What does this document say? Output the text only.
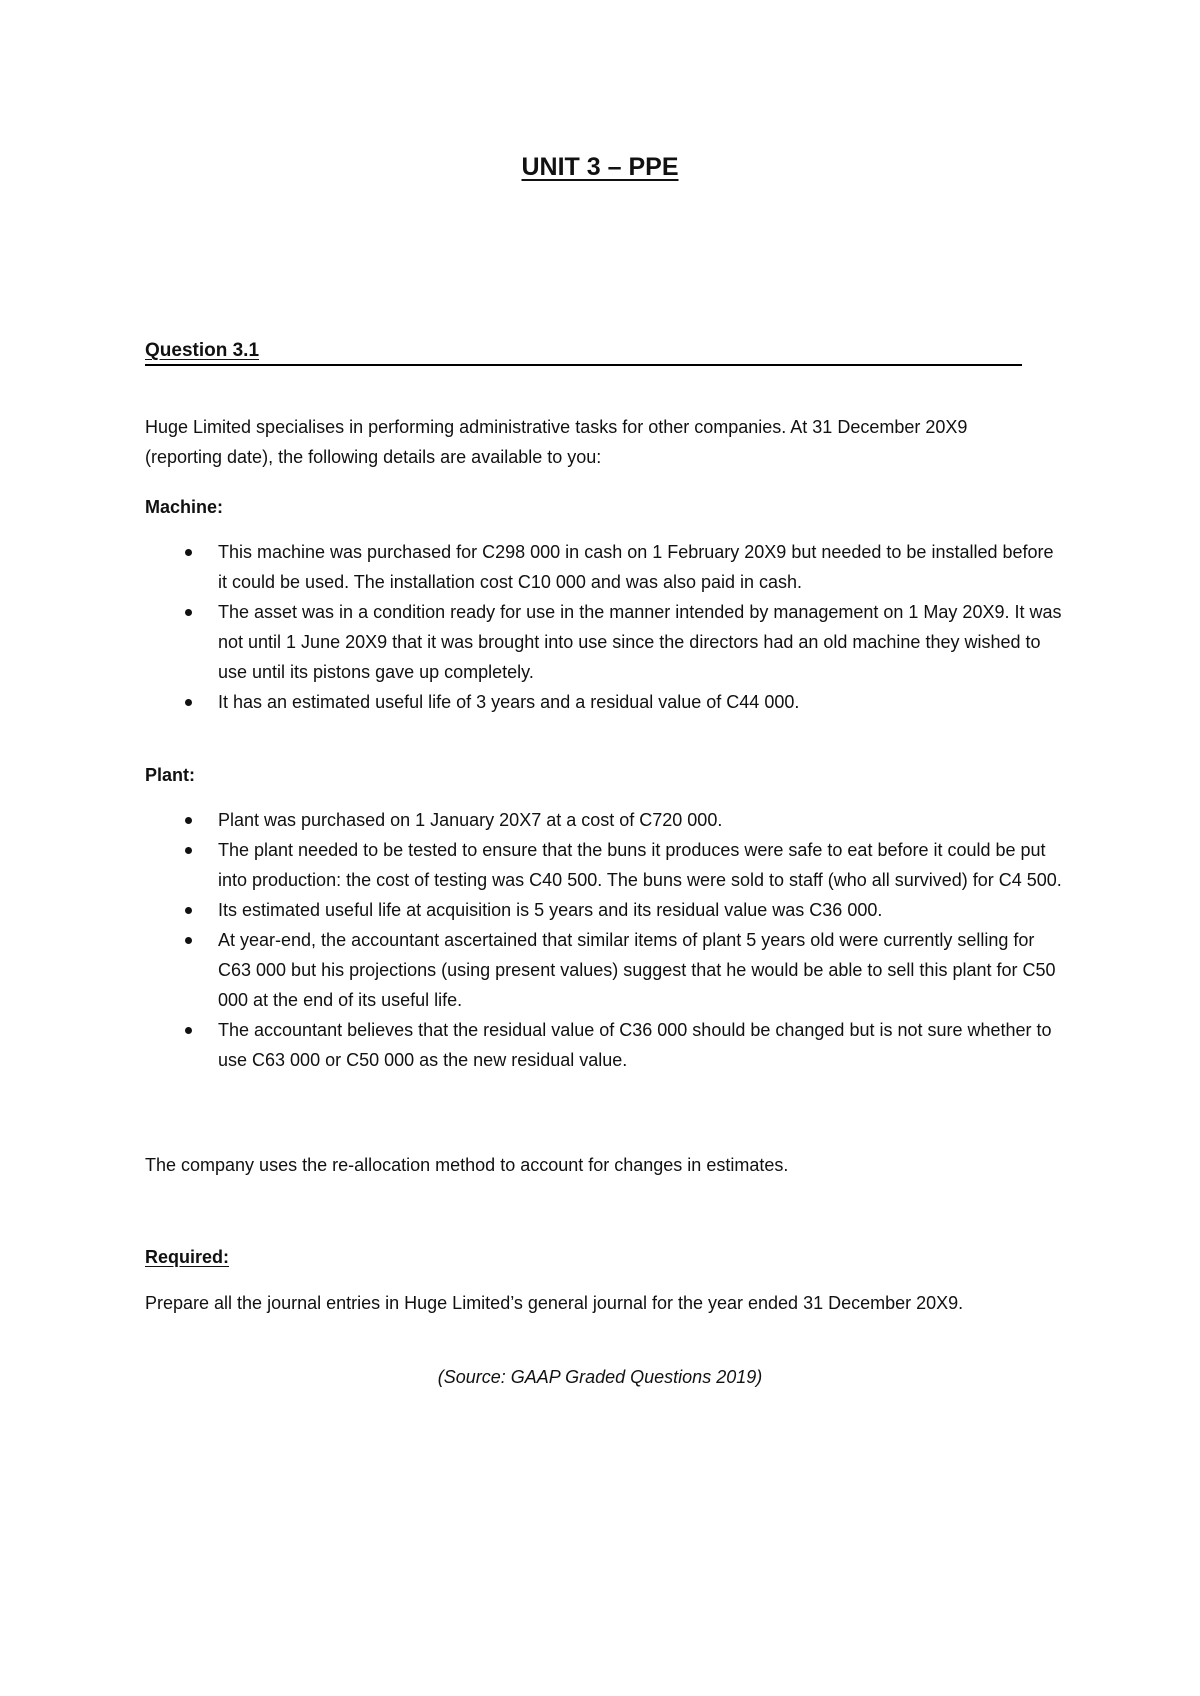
UNIT 3 – PPE
Question 3.1

Huge Limited specialises in performing administrative tasks for other companies. At 31 December 20X9 (reporting date), the following details are available to you:

Machine:

This machine was purchased for C298 000 in cash on 1 February 20X9 but needed to be installed before it could be used. The installation cost C10 000 and was also paid in cash.
The asset was in a condition ready for use in the manner intended by management on 1 May 20X9. It was not until 1 June 20X9 that it was brought into use since the directors had an old machine they wished to use until its pistons gave up completely.
It has an estimated useful life of 3 years and a residual value of C44 000.

Plant:

Plant was purchased on 1 January 20X7 at a cost of C720 000.
The plant needed to be tested to ensure that the buns it produces were safe to eat before it could be put into production: the cost of testing was C40 500. The buns were sold to staff (who all survived) for C4 500.
Its estimated useful life at acquisition is 5 years and its residual value was C36 000.
At year-end, the accountant ascertained that similar items of plant 5 years old were currently selling for C63 000 but his projections (using present values) suggest that he would be able to sell this plant for C50 000 at the end of its useful life.
The accountant believes that the residual value of C36 000 should be changed but is not sure whether to use C63 000 or C50 000 as the new residual value.

The company uses the re-allocation method to account for changes in estimates.

Required:

Prepare all the journal entries in Huge Limited’s general journal for the year ended 31 December 20X9.

(Source: GAAP Graded Questions 2019)
